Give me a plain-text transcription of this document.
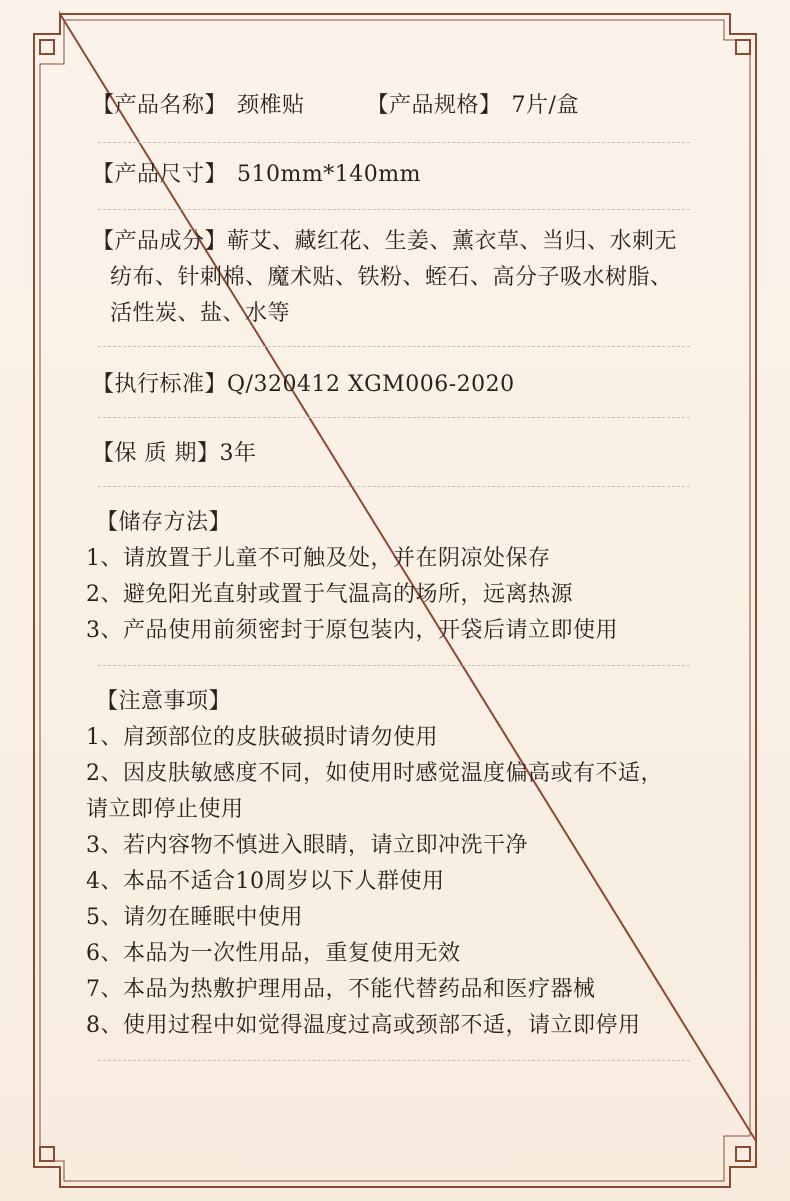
【产品名称】 颈椎贴	【产品规格】 7片/盒
【产品尺寸】 510mm*140mm
【产品成分】蕲艾、藏红花、生姜、薰衣草、当归、水刺无
纺布、针刺棉、魔术贴、铁粉、蛭石、高分子吸水树脂、
活性炭、盐、水等
【执行标准】Q/320412 XGM006-2020
【保 质 期】3年
【储存方法】
1、请放置于儿童不可触及处，并在阴凉处保存
2、避免阳光直射或置于气温高的场所，远离热源
3、产品使用前须密封于原包装内，开袋后请立即使用
【注意事项】
1、肩颈部位的皮肤破损时请勿使用
2、因皮肤敏感度不同，如使用时感觉温度偏高或有不适，
请立即停止使用
3、若内容物不慎进入眼睛，请立即冲洗干净
4、本品不适合10周岁以下人群使用
5、请勿在睡眠中使用
6、本品为一次性用品，重复使用无效
7、本品为热敷护理用品，不能代替药品和医疗器械
8、使用过程中如觉得温度过高或颈部不适，请立即停用
